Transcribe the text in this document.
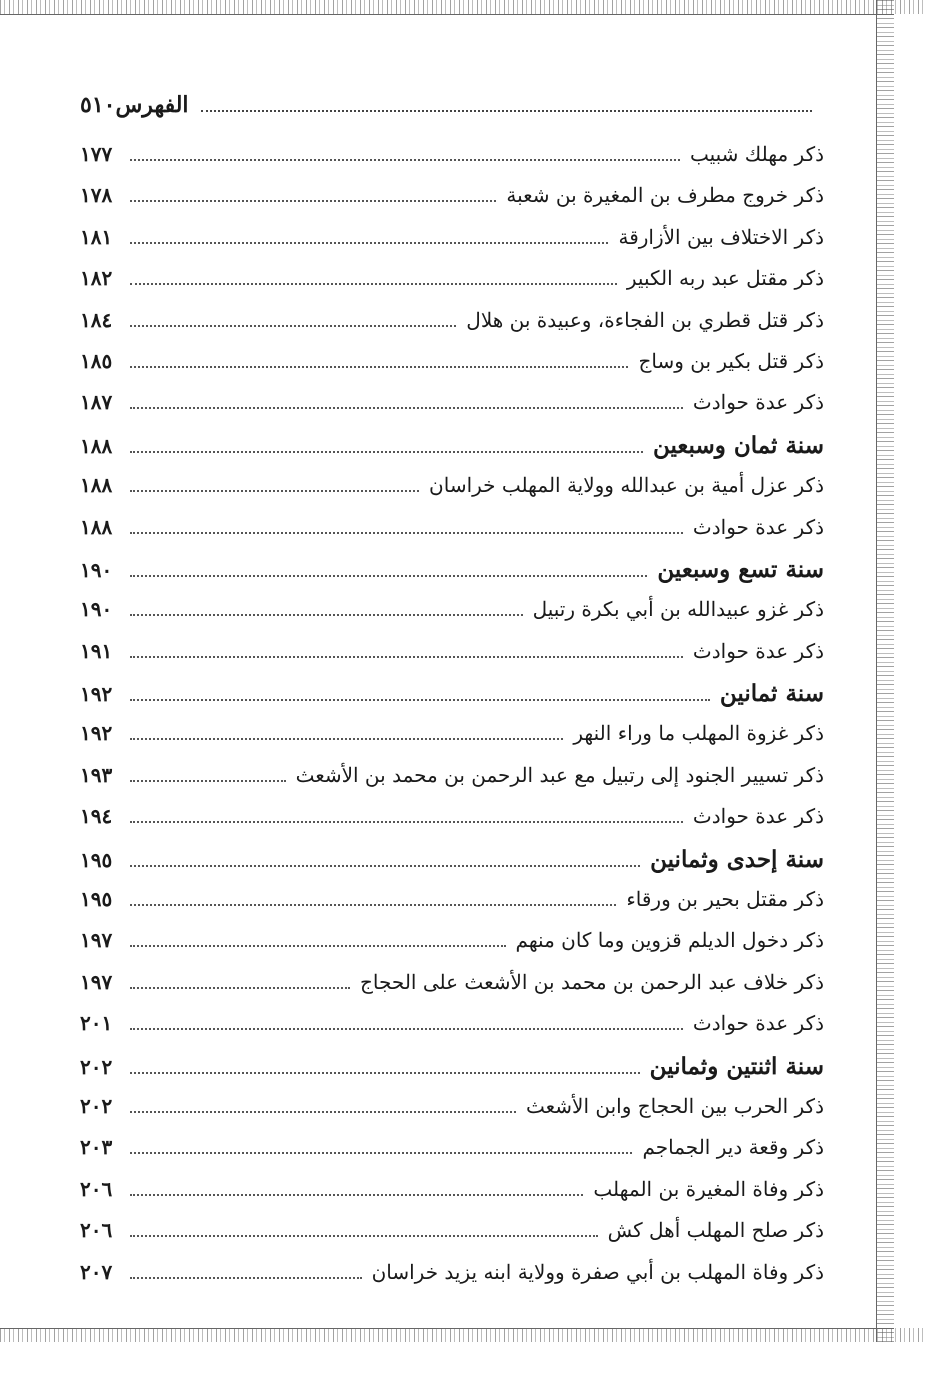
٥١٠ الفهرس
ذكر مهلك شبيب
١٧٧
ذكر خروج مطرف بن المغيرة بن شعبة
١٧٨
ذكر الاختلاف بين الأزارقة
١٨١
ذكر مقتل عبد ربه الكبير
١٨٢
ذكر قتل قطري بن الفجاءة، وعبيدة بن هلال
١٨٤
ذكر قتل بكير بن وساج
١٨٥
ذكر عدة حوادث
١٨٧
سنة ثمان وسبعين
١٨٨
ذكر عزل أمية بن عبدالله وولاية المهلب خراسان
١٨٨
ذكر عدة حوادث
١٨٨
سنة تسع وسبعين
١٩٠
ذكر غزو عبيدالله بن أبي بكرة رتبيل
١٩٠
ذكر عدة حوادث
١٩١
سنة ثمانين
١٩٢
ذكر غزوة المهلب ما وراء النهر
١٩٢
ذكر تسيير الجنود إلى رتبيل مع عبد الرحمن بن محمد بن الأشعث
١٩٣
ذكر عدة حوادث
١٩٤
سنة إحدى وثمانين
١٩٥
ذكر مقتل بحير بن ورقاء
١٩٥
ذكر دخول الديلم قزوين وما كان منهم
١٩٧
ذكر خلاف عبد الرحمن بن محمد بن الأشعث على الحجاج
١٩٧
ذكر عدة حوادث
٢٠١
سنة اثنتين وثمانين
٢٠٢
ذكر الحرب بين الحجاج وابن الأشعث
٢٠٢
ذكر وقعة دير الجماجم
٢٠٣
ذكر وفاة المغيرة بن المهلب
٢٠٦
ذكر صلح المهلب أهل كش
٢٠٦
ذكر وفاة المهلب بن أبي صفرة وولاية ابنه يزيد خراسان
٢٠٧
